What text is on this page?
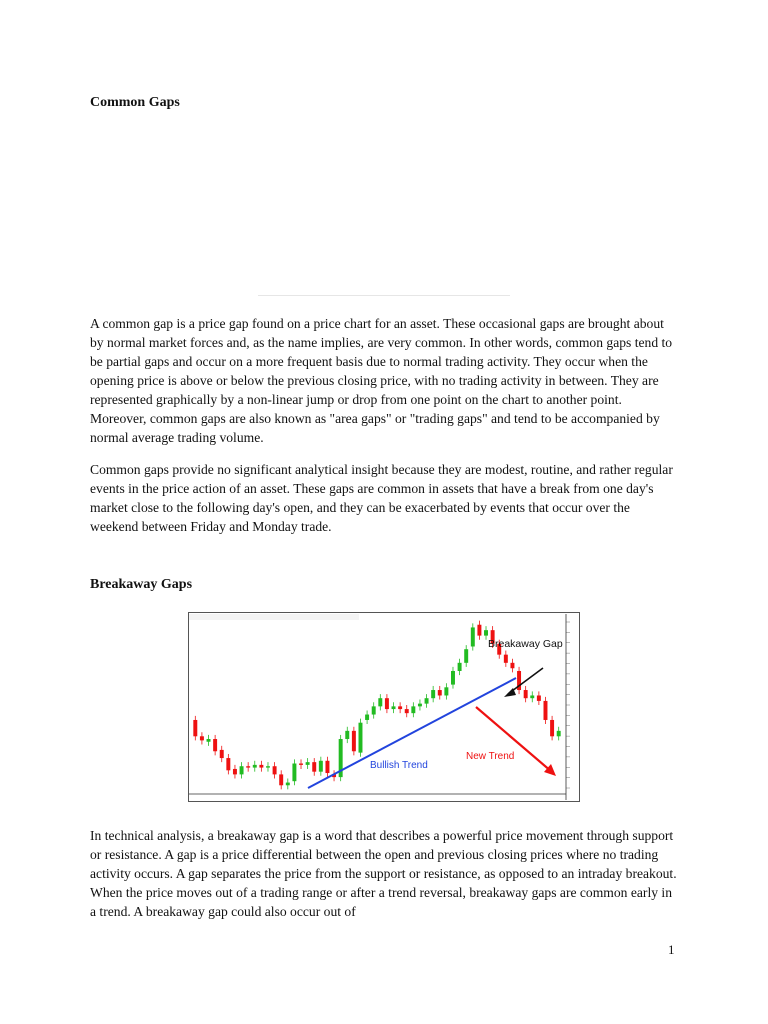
Common Gaps

A common gap is a price gap found on a price chart for an asset. These occasional gaps are brought about by normal market forces and, as the name implies, are very common. In other words, common gaps tend to be partial gaps and occur on a more frequent basis due to normal trading activity. They occur when the opening price is above or below the previous closing price, with no trading activity in between. They are represented graphically by a non-linear jump or drop from one point on the chart to another point. Moreover, common gaps are also known as "area gaps" or "trading gaps" and tend to be accompanied by normal average trading volume.

Common gaps provide no significant analytical insight because they are modest, routine, and rather regular events in the price action of an asset. These gaps are common in assets that have a break from one day's market close to the following day's open, and they can be exacerbated by events that occur over the weekend between Friday and Monday trade.

Breakaway Gaps
Bullish Trend
Breakaway Gap
New Trend

In technical analysis, a breakaway gap is a word that describes a powerful price movement through support or resistance. A gap is a price differential between the open and previous closing prices where no trading activity occurs. A gap separates the price from the support or resistance, as opposed to an intraday breakout. When the price moves out of a trading range or after a trend reversal, breakaway gaps are common early in a trend. A breakaway gap could also occur out of

1
